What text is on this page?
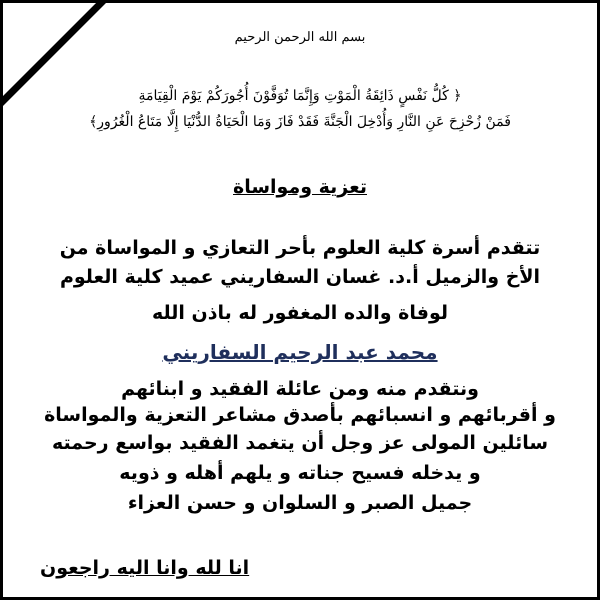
بسم الله الرحمن الرحيم
﴿ كُلُّ نَفْسٍ ذَائِقَةُ الْمَوْتِ وَإِنَّمَا تُوَفَّوْنَ أُجُورَكُمْ يَوْمَ الْقِيَامَةِ
فَمَنْ زُحْزِحَ عَنِ النَّارِ وَأُدْخِلَ الْجَنَّةَ فَقَدْ فَازَ وَمَا الْحَيَاةُ الدُّنْيَا إِلَّا مَتَاعُ الْغُرُورِ﴾
تعزية ومواساة
تتقدم أسرة كلية العلوم بأحر التعازي و المواساة من
الأخ والزميل أ.د. غسان السفاريني عميد كلية العلوم
لوفاة والده المغفور له باذن الله
محمد عبد الرحيم السفاريني
ونتقدم منه ومن عائلة الفقيد و ابنائهم
و أقربائهم و انسبائهم بأصدق مشاعر التعزية والمواساة
سائلين المولى عز وجل أن يتغمد الفقيد بواسع رحمته
و يدخله فسيح جناته و يلهم أهله و ذويه
جميل الصبر و السلوان و حسن العزاء
انا لله وانا اليه راجعون
